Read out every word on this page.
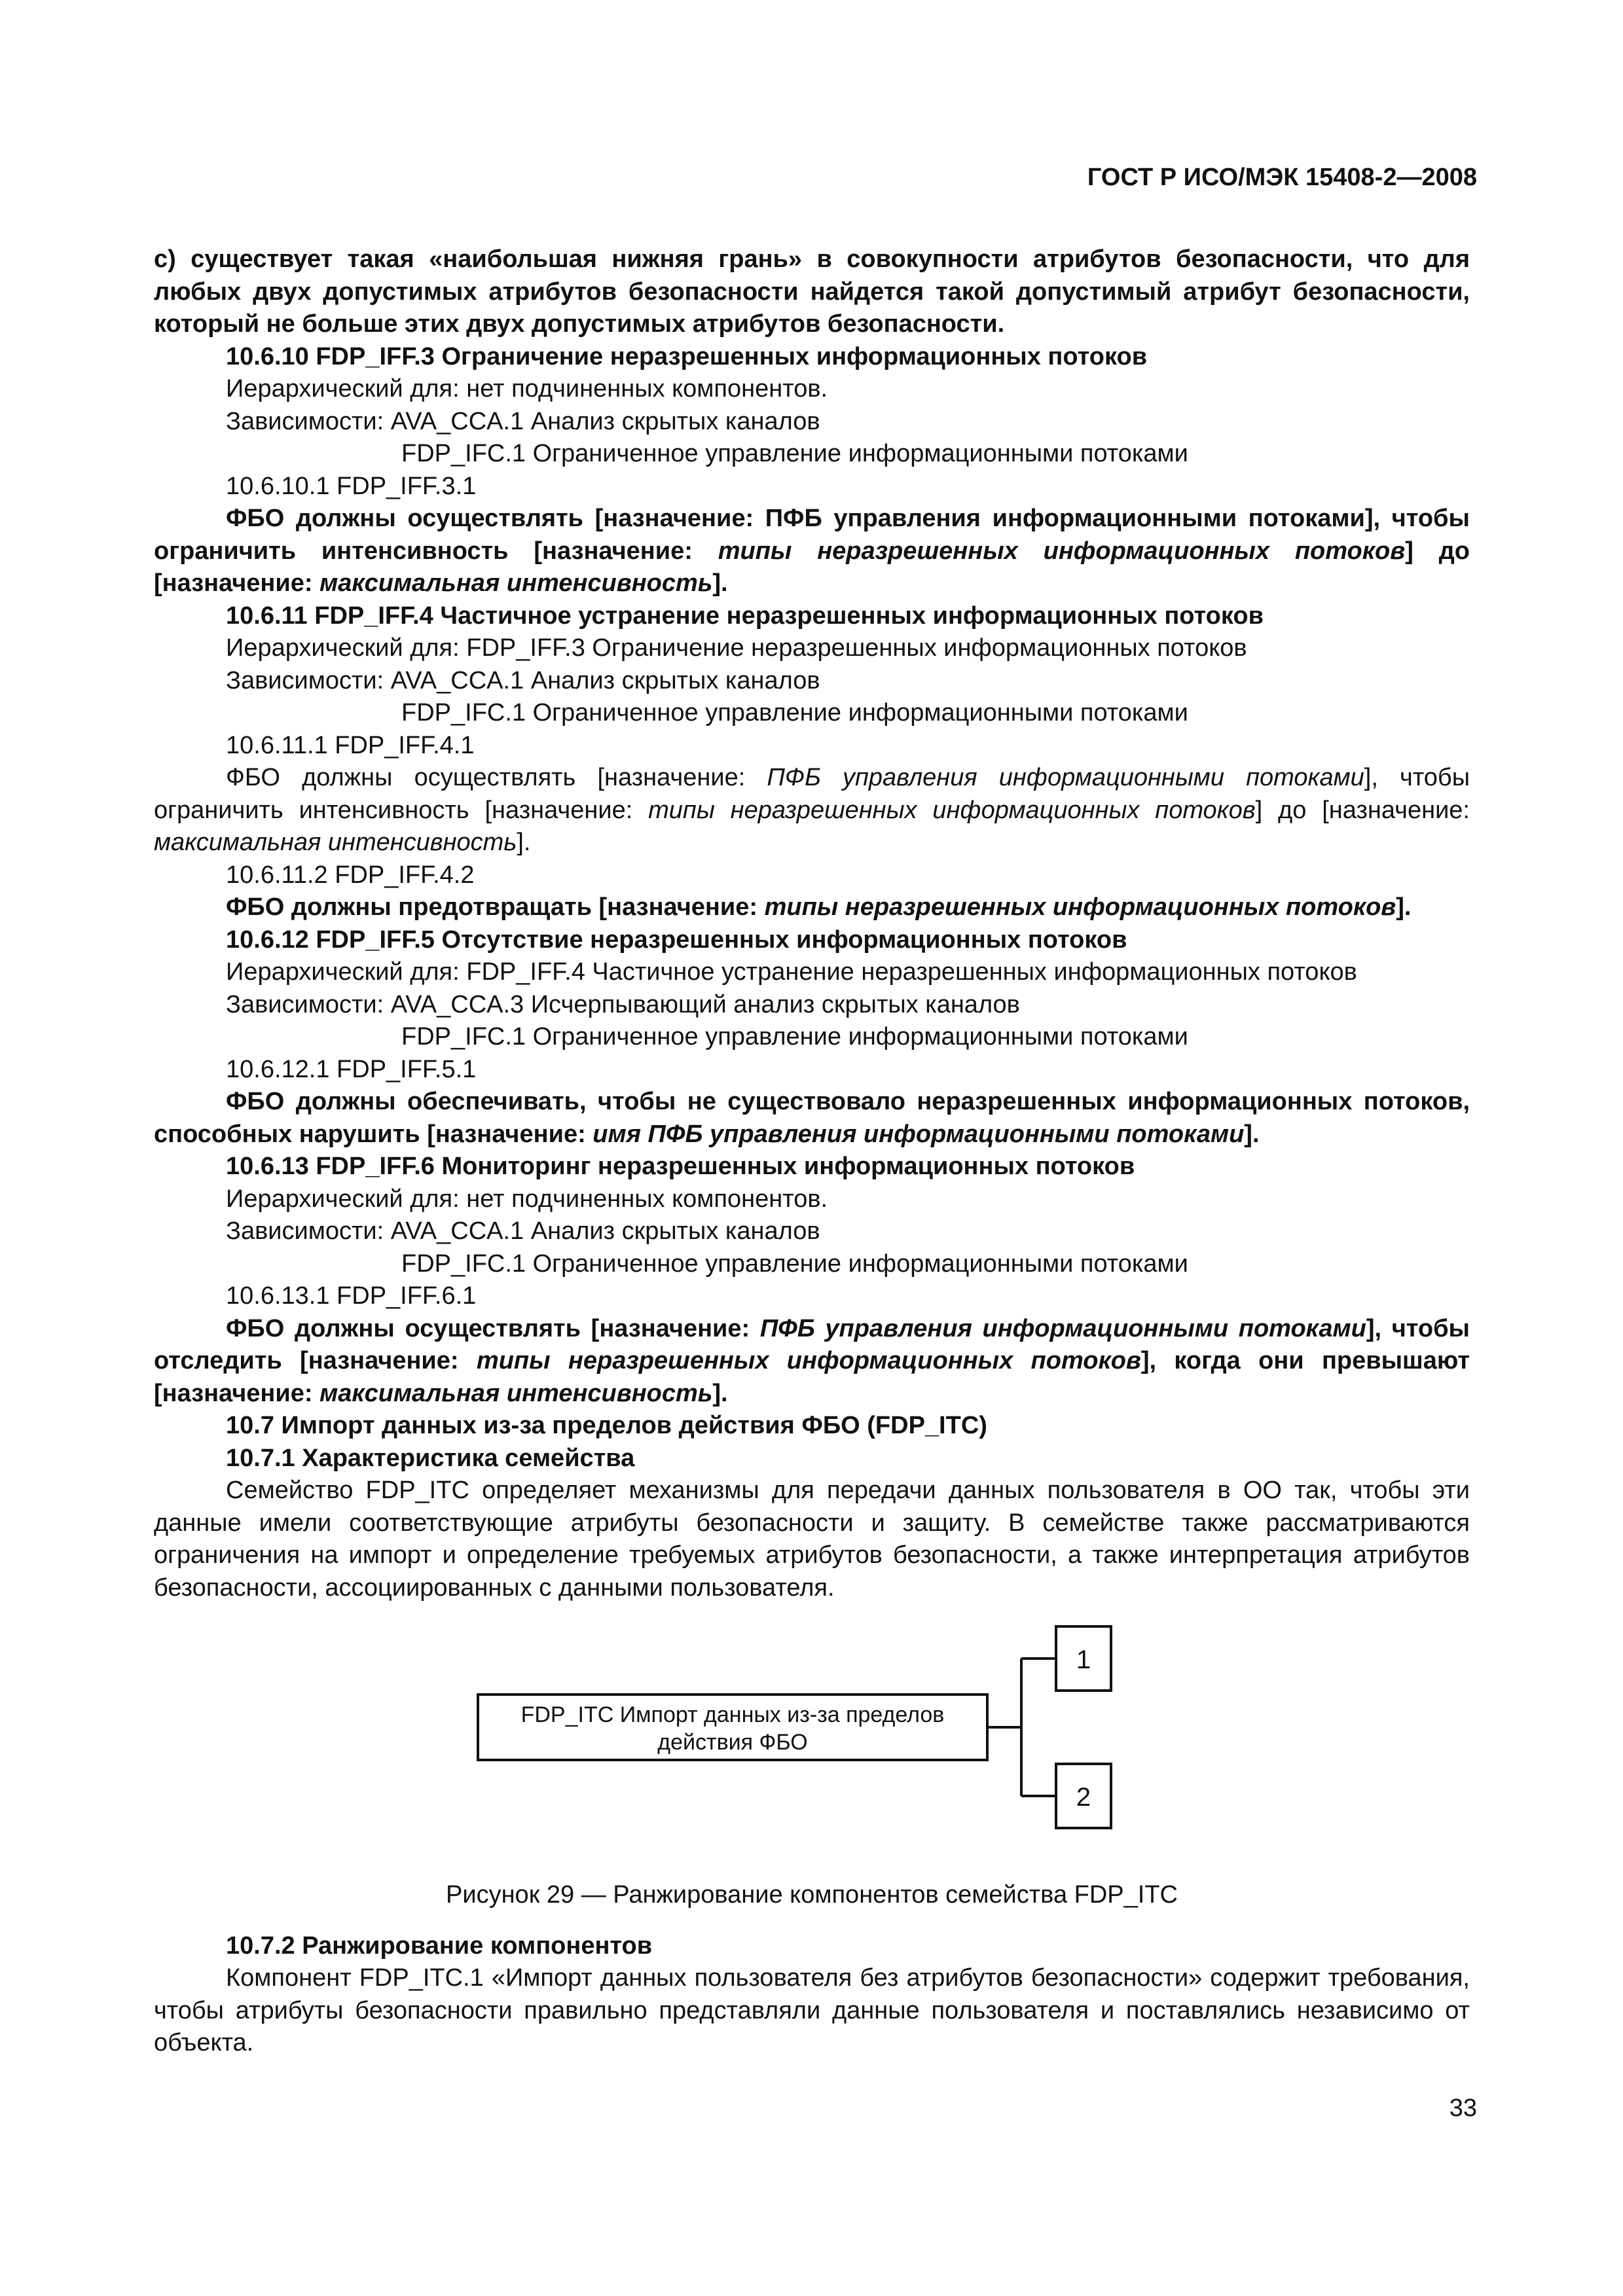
ГОСТ Р ИСО/МЭК 15408-2—2008

с) существует такая «наибольшая нижняя грань» в совокупности атрибутов безопасности, что для любых двух допустимых атрибутов безопасности найдется такой допустимый атрибут безопасности, который не больше этих двух допустимых атрибутов безопасности.

10.6.10 FDP_IFF.3 Ограничение неразрешенных информационных потоков

Иерархический для: нет подчиненных компонентов.

Зависимости: AVA_CCA.1 Анализ скрытых каналов

FDP_IFC.1 Ограниченное управление информационными потоками

10.6.10.1 FDP_IFF.3.1

ФБО должны осуществлять [назначение: ПФБ управления информационными потоками], чтобы ограничить интенсивность [назначение: типы неразрешенных информационных потоков] до [назначение: максимальная интенсивность].

10.6.11 FDP_IFF.4 Частичное устранение неразрешенных информационных потоков

Иерархический для: FDP_IFF.3 Ограничение неразрешенных информационных потоков

Зависимости: AVA_CCA.1 Анализ скрытых каналов

FDP_IFC.1 Ограниченное управление информационными потоками

10.6.11.1 FDP_IFF.4.1

ФБО должны осуществлять [назначение: ПФБ управления информационными потоками], чтобы ограничить интенсивность [назначение: типы неразрешенных информационных потоков] до [назначение: максимальная интенсивность].

10.6.11.2 FDP_IFF.4.2

ФБО должны предотвращать [назначение: типы неразрешенных информационных потоков].

10.6.12 FDP_IFF.5 Отсутствие неразрешенных информационных потоков

Иерархический для: FDP_IFF.4 Частичное устранение неразрешенных информационных потоков

Зависимости: AVA_CCA.3 Исчерпывающий анализ скрытых каналов

FDP_IFC.1 Ограниченное управление информационными потоками

10.6.12.1 FDP_IFF.5.1

ФБО должны обеспечивать, чтобы не существовало неразрешенных информационных потоков, способных нарушить [назначение: имя ПФБ управления информационными потоками].

10.6.13 FDP_IFF.6 Мониторинг неразрешенных информационных потоков

Иерархический для: нет подчиненных компонентов.

Зависимости: AVA_CCA.1 Анализ скрытых каналов

FDP_IFC.1 Ограниченное управление информационными потоками

10.6.13.1 FDP_IFF.6.1

ФБО должны осуществлять [назначение: ПФБ управления информационными потоками], чтобы отследить [назначение: типы неразрешенных информационных потоков], когда они превышают [назначение: максимальная интенсивность].

10.7 Импорт данных из-за пределов действия ФБО (FDP_ITC)

10.7.1 Характеристика семейства

Семейство FDP_ITC определяет механизмы для передачи данных пользователя в ОО так, чтобы эти данные имели соответствующие атрибуты безопасности и защиту. В семействе также рассматриваются ограничения на импорт и определение требуемых атрибутов безопасности, а также интерпретация атрибутов безопасности, ассоциированных с данными пользователя.

FDP_ITC Импорт данных из-за пределов
действия ФБО
1
2

Рисунок 29 — Ранжирование компонентов семейства FDP_ITC

10.7.2 Ранжирование компонентов

Компонент FDP_ITC.1 «Импорт данных пользователя без атрибутов безопасности» содержит требования, чтобы атрибуты безопасности правильно представляли данные пользователя и поставлялись независимо от объекта.

33
